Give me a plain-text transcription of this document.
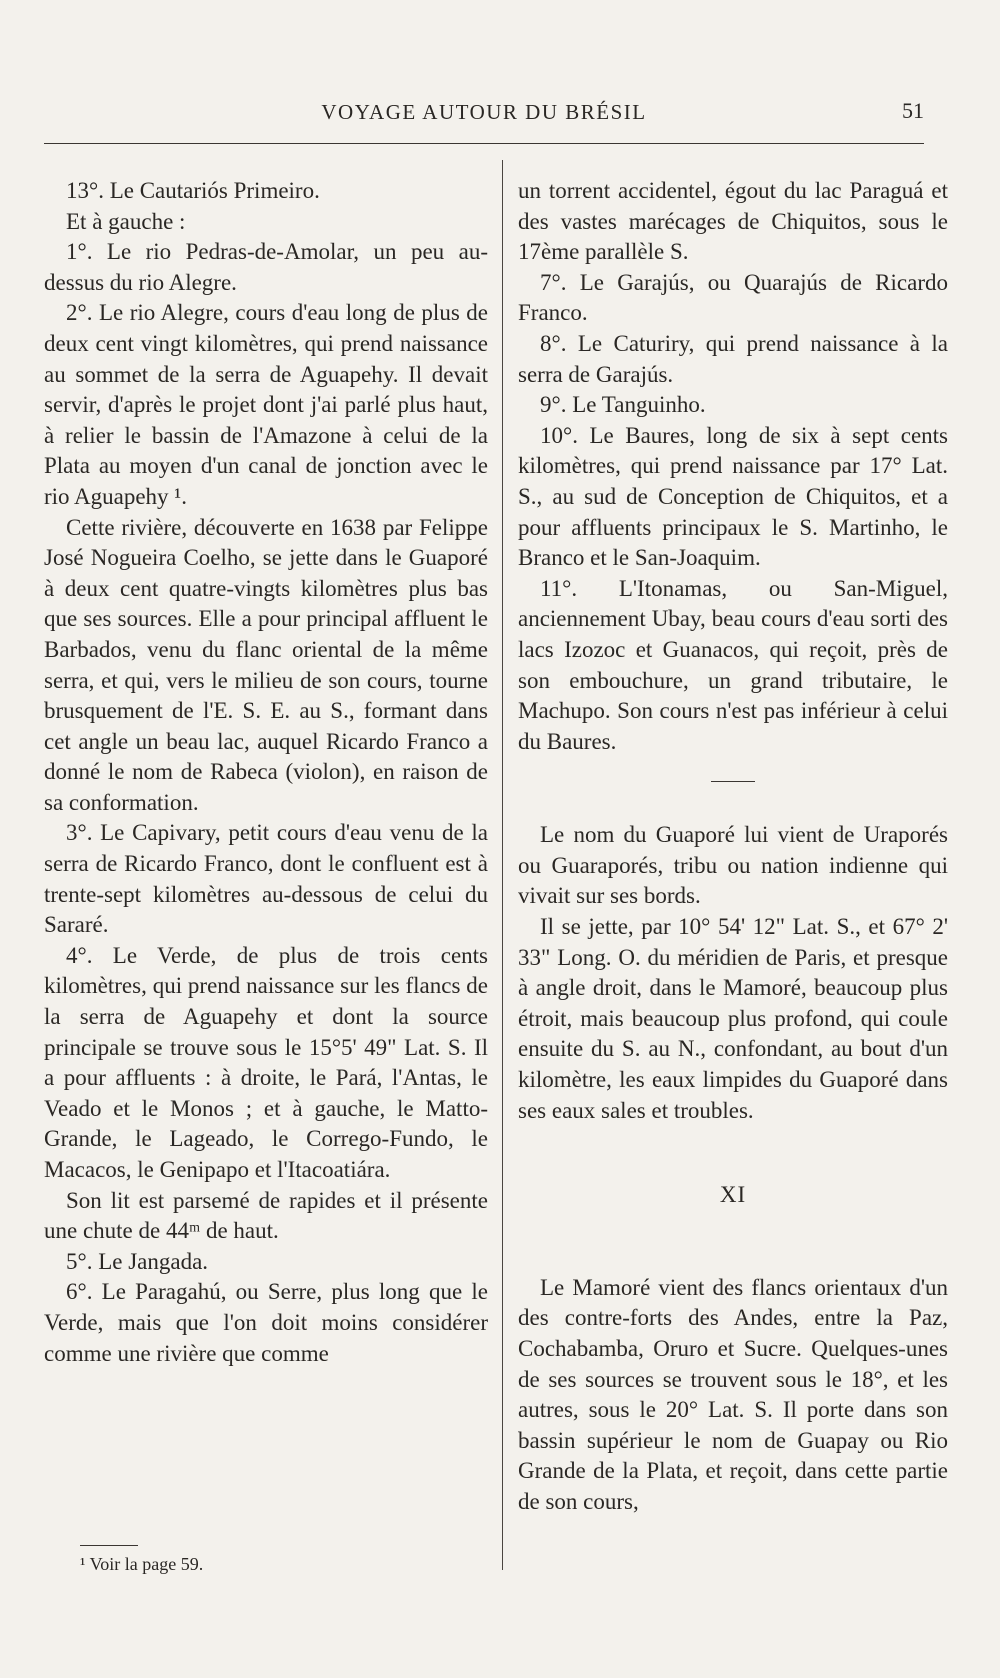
VOYAGE AUTOUR DU BRÉSIL	51

13°. Le Cautariós Primeiro.

Et à gauche :

1°. Le rio Pedras-de-Amolar, un peu au-dessus du rio Alegre.

2°. Le rio Alegre, cours d'eau long de plus de deux cent vingt kilomètres, qui prend naissance au sommet de la serra de Aguapehy. Il devait servir, d'après le projet dont j'ai parlé plus haut, à relier le bassin de l'Amazone à celui de la Plata au moyen d'un canal de jonction avec le rio Aguapehy ¹.

Cette rivière, découverte en 1638 par Felippe José Nogueira Coelho, se jette dans le Guaporé à deux cent quatre-vingts kilomètres plus bas que ses sources. Elle a pour principal affluent le Barbados, venu du flanc oriental de la même serra, et qui, vers le milieu de son cours, tourne brusquement de l'E. S. E. au S., formant dans cet angle un beau lac, auquel Ricardo Franco a donné le nom de Rabeca (violon), en raison de sa conformation.

3°. Le Capivary, petit cours d'eau venu de la serra de Ricardo Franco, dont le confluent est à trente-sept kilomètres au-dessous de celui du Sararé.

4°. Le Verde, de plus de trois cents kilomètres, qui prend naissance sur les flancs de la serra de Aguapehy et dont la source principale se trouve sous le 15°5' 49" Lat. S. Il a pour affluents : à droite, le Pará, l'Antas, le Veado et le Monos ; et à gauche, le Matto-Grande, le Lageado, le Corrego-Fundo, le Macacos, le Genipapo et l'Itacoatiára.

Son lit est parsemé de rapides et il présente une chute de 44ᵐ de haut.

5°. Le Jangada.

6°. Le Paragahú, ou Serre, plus long que le Verde, mais que l'on doit moins considérer comme une rivière que comme

un torrent accidentel, égout du lac Paraguá et des vastes marécages de Chiquitos, sous le 17ème parallèle S.

7°. Le Garajús, ou Quarajús de Ricardo Franco.

8°. Le Caturiry, qui prend naissance à la serra de Garajús.

9°. Le Tanguinho.

10°. Le Baures, long de six à sept cents kilomètres, qui prend naissance par 17° Lat. S., au sud de Conception de Chiquitos, et a pour affluents principaux le S. Martinho, le Branco et le San-Joaquim.

11°. L'Itonamas, ou San-Miguel, anciennement Ubay, beau cours d'eau sorti des lacs Izozoc et Guanacos, qui reçoit, près de son embouchure, un grand tributaire, le Machupo. Son cours n'est pas inférieur à celui du Baures.

Le nom du Guaporé lui vient de Uraporés ou Guaraporés, tribu ou nation indienne qui vivait sur ses bords.

Il se jette, par 10° 54' 12" Lat. S., et 67° 2' 33" Long. O. du méridien de Paris, et presque à angle droit, dans le Mamoré, beaucoup plus étroit, mais beaucoup plus profond, qui coule ensuite du S. au N., confondant, au bout d'un kilomètre, les eaux limpides du Guaporé dans ses eaux sales et troubles.

XI

Le Mamoré vient des flancs orientaux d'un des contre-forts des Andes, entre la Paz, Cochabamba, Oruro et Sucre. Quelques-unes de ses sources se trouvent sous le 18°, et les autres, sous le 20° Lat. S. Il porte dans son bassin supérieur le nom de Guapay ou Rio Grande de la Plata, et reçoit, dans cette partie de son cours,

¹ Voir la page 59.
